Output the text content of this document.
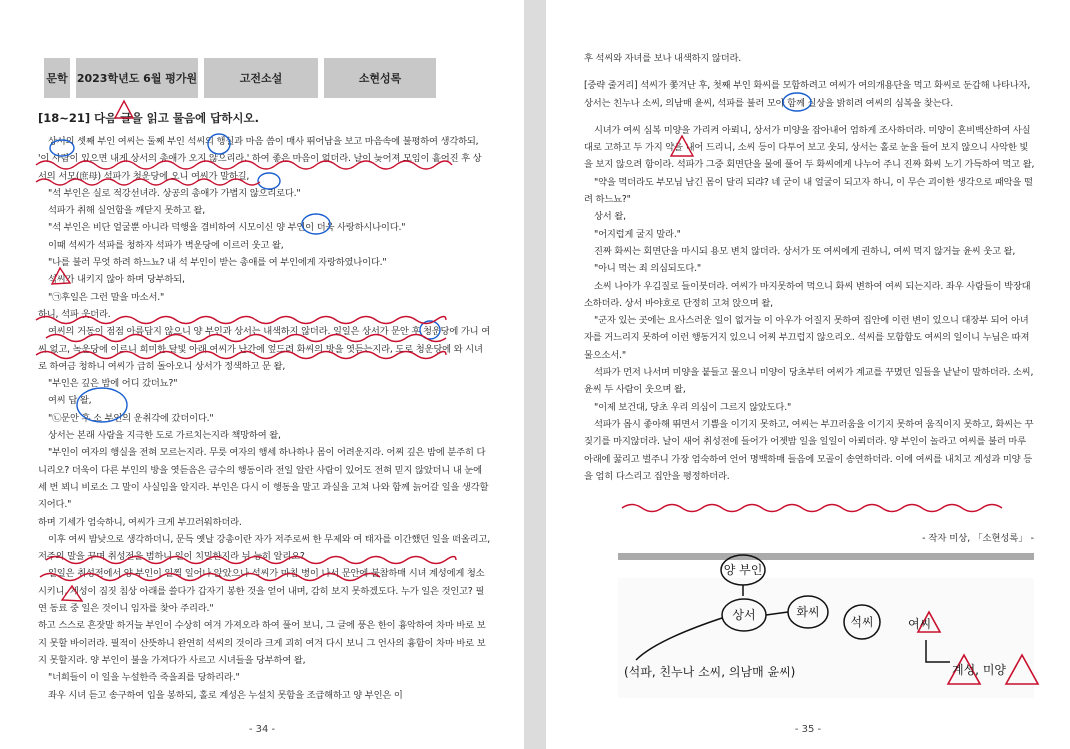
문학 2023학년도 6월 평가원	고전소설	소현성록
[18~21] 다음 글을 읽고 물음에 답하시오.

상서의 셋째 부인 여씨는 둘째 부인 석씨의 행실과 마음 씀이 매사 뛰어남을 보고 마음속에 불평하여 생각하되, '이 사람이 있으면 내게 상서의 총애가 오지 않으리라.' 하여 좋은 마음이 없더라. 날이 늦어져 모임이 흩어진 후 상서의 서모(庶母) 석파가 청운당에 오니 여씨가 말하길,

"석 부인은 실로 적강선녀라. 상공의 총애가 가볍지 않으리로다."

석파가 취해 실언함을 깨닫지 못하고 왈,

"석 부인은 비단 얼굴뿐 아니라 덕행을 겸비하여 시모이신 양 부인이 더욱 사랑하시나이다."

이때 석씨가 석파를 청하자 석파가 벽운당에 이르러 웃고 왈,

"나를 불러 무엇 하려 하느뇨? 내 석 부인이 받는 총애를 여 부인에게 자랑하였나이다."

석씨가 내키지 않아 하며 당부하되,

"㉠후일은 그런 말을 마소서."

하니, 석파 웃더라.

여씨의 거동이 점점 아름답지 않으니 양 부인과 상서는 내색하지 않더라. 일일은 상서가 문안 후 청운당에 가니 여씨 없고, 녹운당에 이르니 희미한 달빛 아래 여씨가 난간에 엎드려 화씨의 방을 엿듣는지라, 도로 청운당에 와 시녀로 하여금 청하니 여씨가 급히 돌아오니 상서가 정색하고 문 왈,

"부인은 깊은 밤에 어디 갔더뇨?"

여씨 답 왈,

"㉡문안 후 소 부인의 운취각에 갔더이다."

상서는 본래 사람을 지극한 도로 가르치는지라 책망하여 왈,

"부인이 여자의 행실을 전혀 모르는지라. 무릇 여자의 행세 하나하나 몸이 어려운지라. 어찌 깊은 밤에 분주히 다니리오? 더욱이 다른 부인의 방을 엿듣음은 금수의 행동이라 전일 알란 사람이 있어도 전혀 믿지 않았더니 내 눈에 세 번 뵈니 비로소 그 말이 사실임을 알지라. 부인은 다시 이 행동을 말고 과실을 고쳐 나와 함께 늙어갈 일을 생각할지어다."

하며 기세가 엄숙하니, 여씨가 크게 부끄러워하더라.

이후 여씨 밤낮으로 생각하더니, 문득 옛날 강총이란 자가 저주로써 한 무제와 여 태자를 이간했던 일을 떠올리고, 저주의 말을 꾸며 취성전을 범하니 일이 치밀한지라 뉘 능히 알리오?

일일은 취성전에서 양 부인이 일찍 일어나 앉았으나 석씨가 마침 병이 나서 문안에 불참하매 시녀 계성에게 청소시키니, 계성이 짐짓 침상 아래를 쓸다가 갑자기 봉한 것을 얻어 내며, 감히 보지 못하겠도다. 누가 일은 것인고? 필연 동료 중 일은 것이니 임자를 찾아 주리라."

하고 스스로 흔잣말 하거늘 부인이 수상히 여겨 가져오라 하여 풀어 보니, 그 글에 풍은 한이 흉악하여 차마 바로 보지 못할 바이러라. 필적이 산뜻하니 완연히 석씨의 것이라 크게 괴히 여겨 다시 보니 그 언사의 흉함이 차마 바로 보지 못할지라. 양 부인이 불을 가져다가 사르고 시녀들을 당부하여 왈,

"너희들이 이 일을 누설한즉 죽을죄를 당하리라."

좌우 시녀 듣고 송구하여 입을 봉하되, 홀로 계성은 누설치 못함을 조급해하고 양 부인은 이

- 34 -

후 석씨와 자녀를 보나 내색하지 않더라.

[중략 줄거리] 석씨가 쫓겨난 후, 첫째 부인 화씨를 모함하려고 여씨가 여의개용단을 먹고 화씨로 둔갑해 나타나자, 상서는 친누나 소씨, 의남매 윤씨, 석파를 불러 모아 함께 실상을 밝히려 여씨의 심복을 찾는다.

시녀가 여씨 심복 미양을 가리켜 아뢰니, 상서가 미양을 잡아내어 엄하게 조사하더라. 미양이 혼비백산하여 사실대로 고하고 두 가지 약을 내어 드리니, 소씨 등이 다투어 보고 웃되, 상서는 홀로 눈을 들어 보지 않으니 사악한 빛을 보지 않으려 함이라. 석파가 그중 회면단을 물에 풀어 두 화씨에게 나누어 주니 진짜 화씨 노기 가득하여 먹고 왈,

"약을 먹더라도 부모님 남긴 몸이 달리 되랴? 네 굳이 내 얼굴이 되고자 하니, 이 무슨 괴이한 생각으로 패악을 떨려 하느뇨?"

상서 왈,

"어지럽게 굴지 말라."

진짜 화씨는 회면단을 마시되 용모 변치 않더라. 상서가 또 여씨에게 권하니, 여씨 먹지 않거늘 윤씨 웃고 왈,

"아니 먹는 죄 의심되도다."

소씨 나아가 우김질로 들이붓더라. 여씨가 마지못하여 먹으니 화씨 변하여 여씨 되는지라. 좌우 사람들이 박장대소하더라. 상서 바야흐로 단정히 고쳐 앉으며 왈,

"군자 있는 곳에는 요사스러운 일이 없거늘 이 아우가 어질지 못하여 집안에 이런 변이 있으니 대장부 되어 아녀자를 거느리지 못하여 이런 행동거지 있으니 어찌 부끄럽지 않으리오. 석씨를 모함함도 여씨의 일이니 누님은 따져 물으소서."

석파가 먼저 나서며 미양을 붙들고 물으니 미양이 당초부터 여씨가 계교를 꾸몄던 일들을 낱낱이 말하더라. 소씨, 윤씨 두 사람이 웃으며 왈,

"이제 보건대, 당초 우리 의심이 그르지 않았도다."

석파가 몹시 좋아해 뛰면서 기쁨을 이기지 못하고, 여씨는 부끄러움을 이기지 못하여 움직이지 못하고, 화씨는 꾸짖기를 마지않더라. 날이 새어 취성전에 들어가 어젯밤 일을 일일이 아뢰더라. 양 부인이 놀라고 여씨를 불러 마루 아래에 꿇리고 벌주니 가장 엄숙하여 언어 명백하매 들음에 모골이 송연하더라. 이에 여씨를 내치고 계성과 미양 등을 엄히 다스리고 집안을 평정하더라.

- 작자 미상, 「소현성록」 -
- 35 -
양 부인
상서	화씨
석씨	여씨
(석파, 친누나 소씨, 의남매 윤씨)	계성, 미양
